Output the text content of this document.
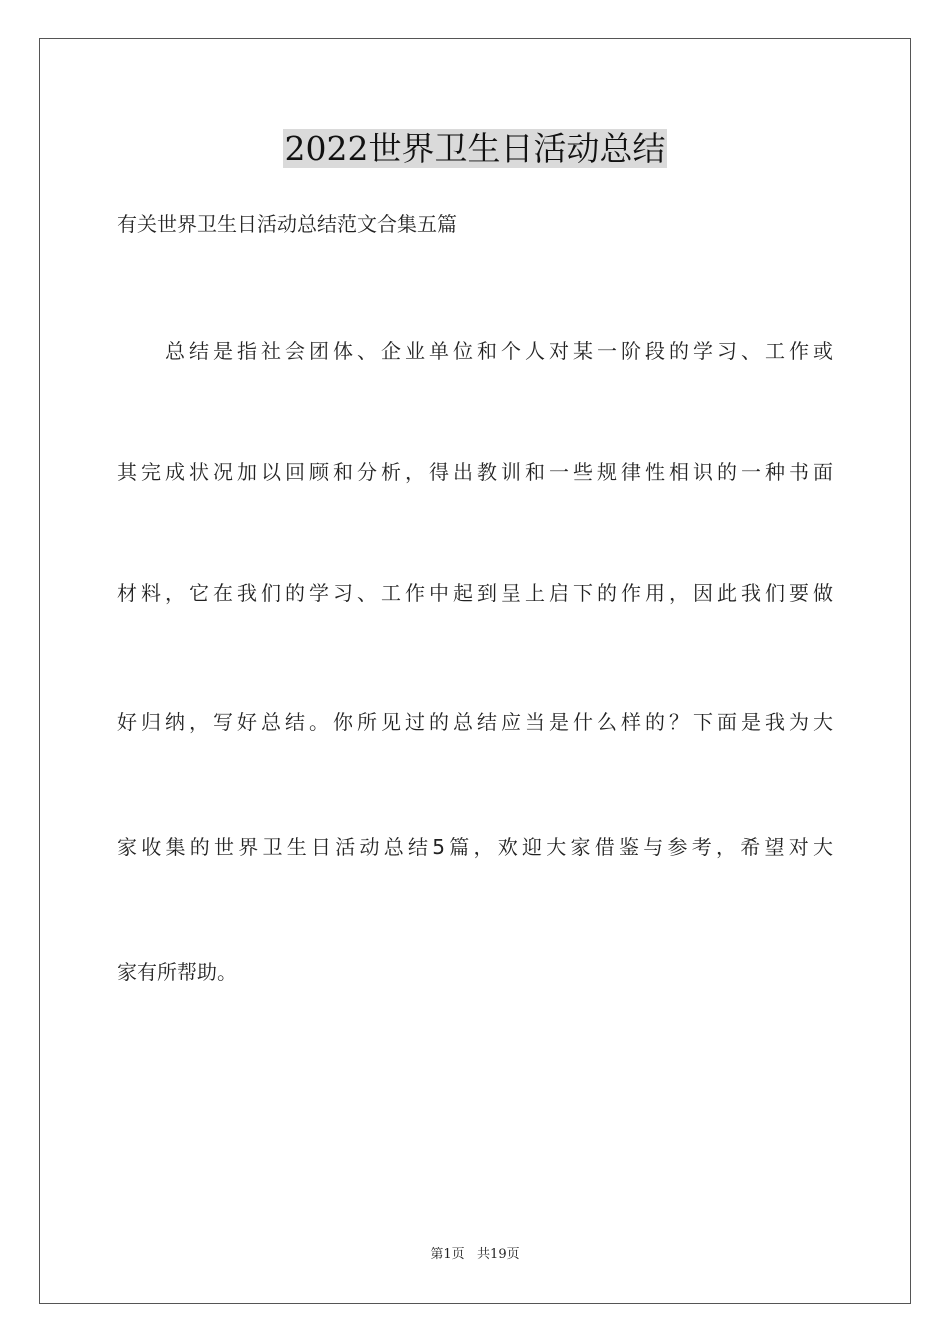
2022世界卫生日活动总结
有关世界卫生日活动总结范文合集五篇
总结是指社会团体、企业单位和个人对某一阶段的学习、工作或
其完成状况加以回顾和分析，得出教训和一些规律性相识的一种书面
材料，它在我们的学习、工作中起到呈上启下的作用，因此我们要做
好归纳，写好总结。你所见过的总结应当是什么样的？下面是我为大
家收集的世界卫生日活动总结5篇，欢迎大家借鉴与参考，希望对大
家有所帮助。
第1页   共19页
